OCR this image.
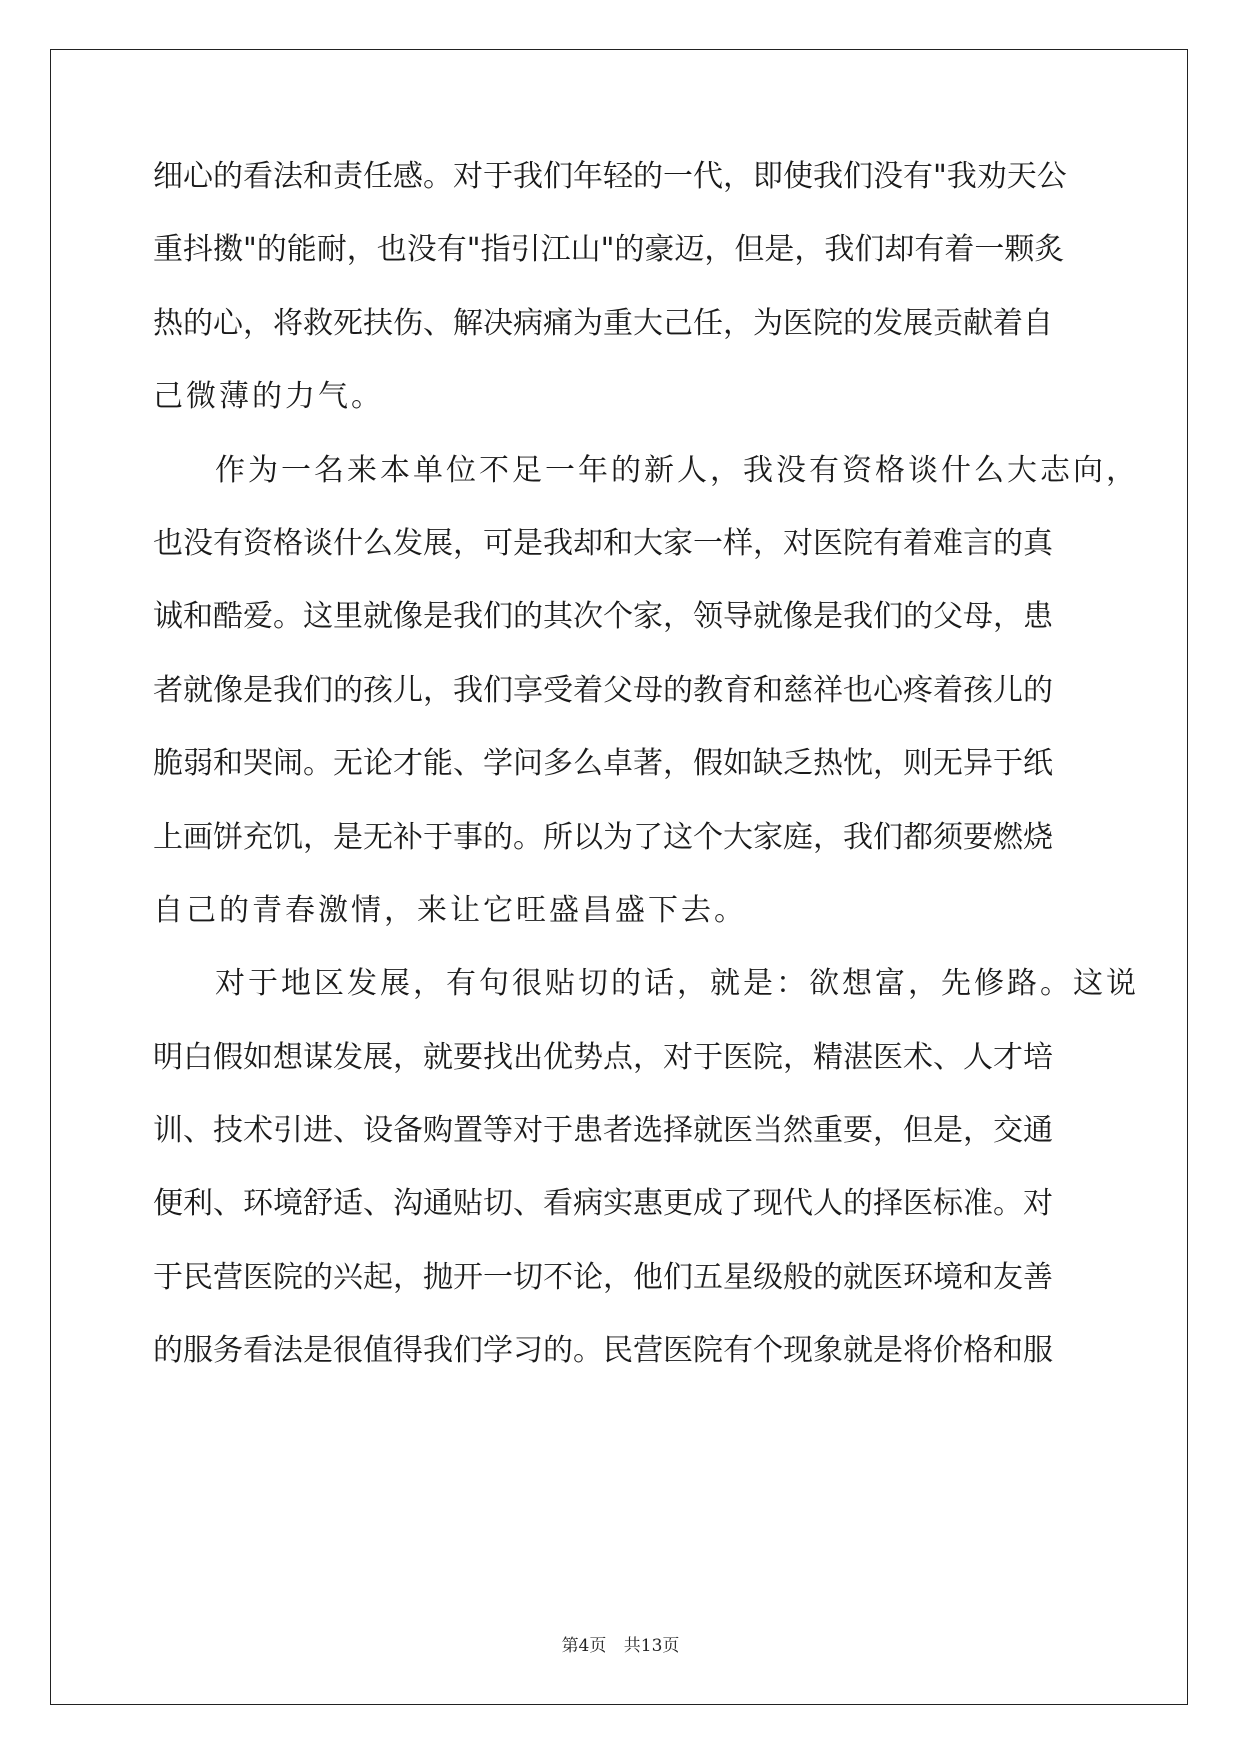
细心的看法和责任感。对于我们年轻的一代，即使我们没有"我劝天公
重抖擞"的能耐，也没有"指引江山"的豪迈，但是，我们却有着一颗炙
热的心，将救死扶伤、解决病痛为重大己任，为医院的发展贡献着自
己微薄的力气。
作为一名来本单位不足一年的新人，我没有资格谈什么大志向，
也没有资格谈什么发展，可是我却和大家一样，对医院有着难言的真
诚和酷爱。这里就像是我们的其次个家，领导就像是我们的父母，患
者就像是我们的孩儿，我们享受着父母的教育和慈祥也心疼着孩儿的
脆弱和哭闹。无论才能、学问多么卓著，假如缺乏热忱，则无异于纸
上画饼充饥，是无补于事的。所以为了这个大家庭，我们都须要燃烧
自己的青春激情，来让它旺盛昌盛下去。
对于地区发展，有句很贴切的话，就是：欲想富，先修路。这说
明白假如想谋发展，就要找出优势点，对于医院，精湛医术、人才培
训、技术引进、设备购置等对于患者选择就医当然重要，但是，交通
便利、环境舒适、沟通贴切、看病实惠更成了现代人的择医标准。对
于民营医院的兴起，抛开一切不论，他们五星级般的就医环境和友善
的服务看法是很值得我们学习的。民营医院有个现象就是将价格和服
第4页 共13页
